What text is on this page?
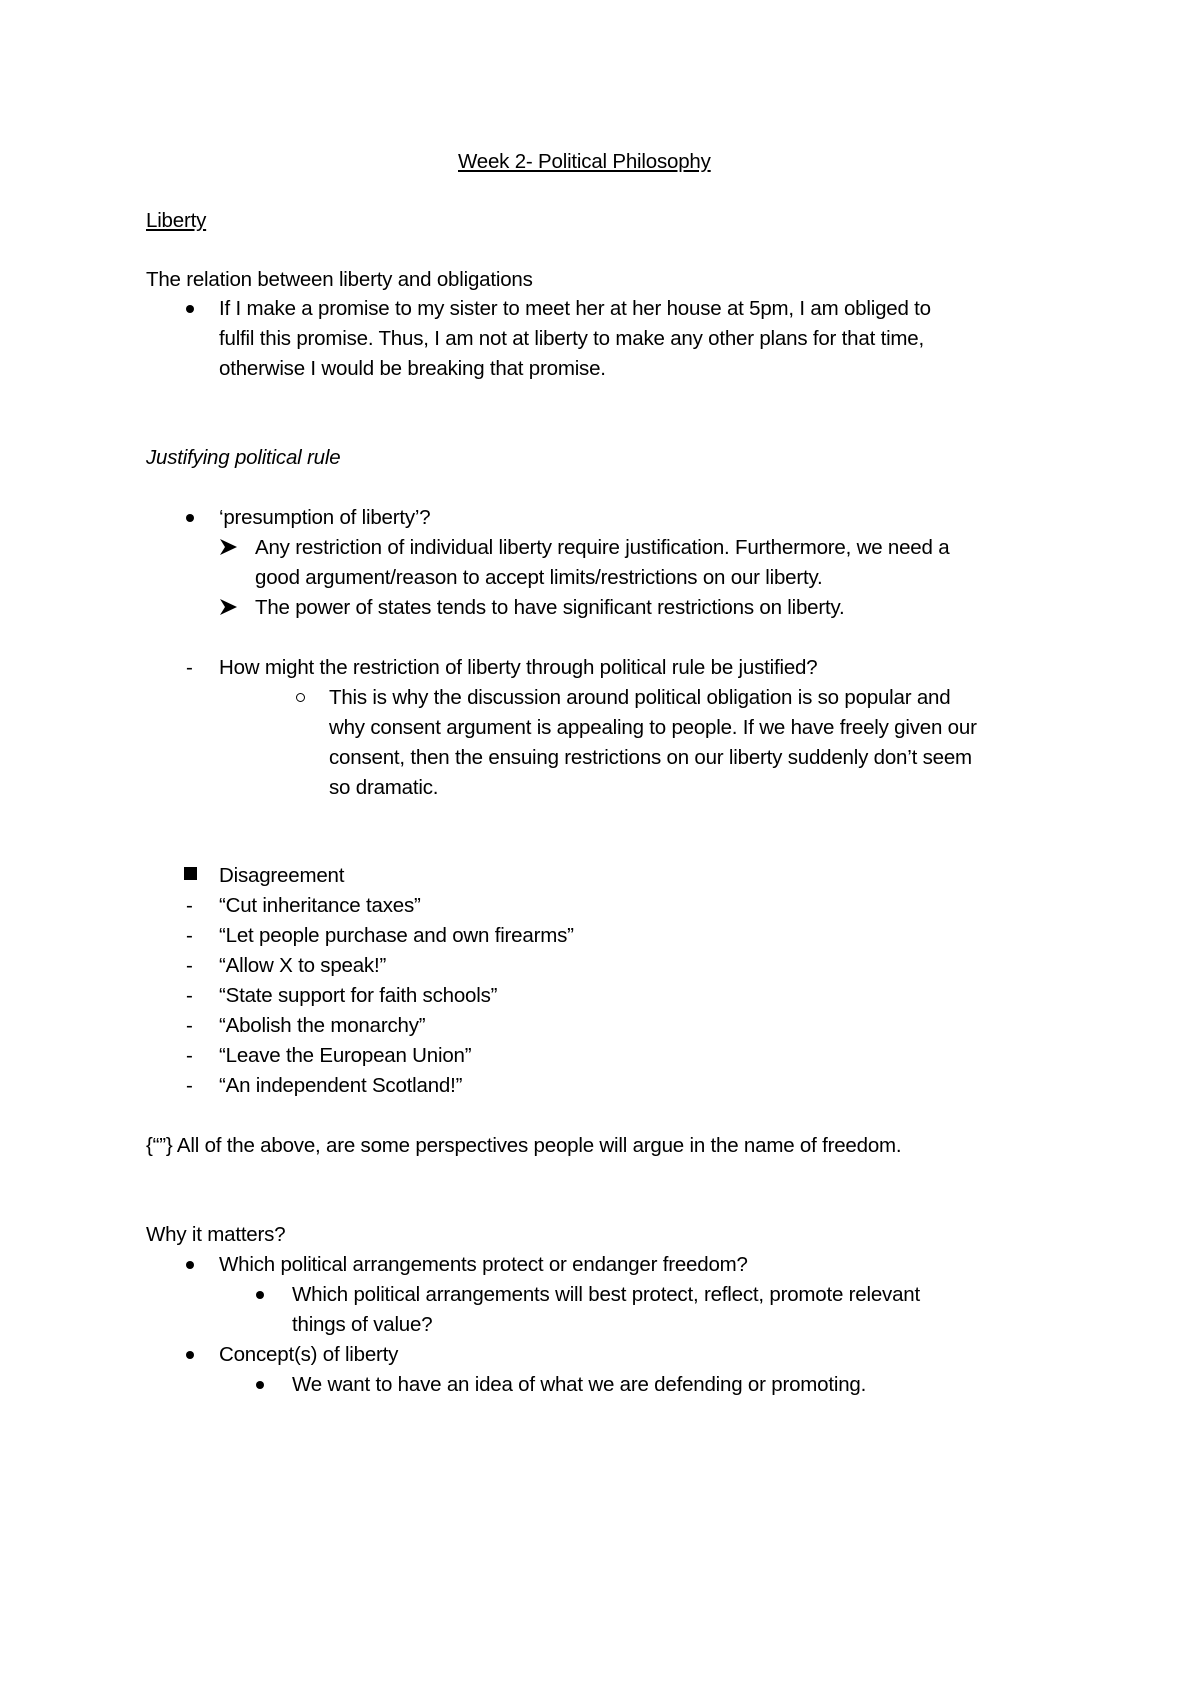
Week 2- Political Philosophy
Liberty
The relation between liberty and obligations
If I make a promise to my sister to meet her at her house at 5pm, I am obliged to
fulfil this promise. Thus, I am not at liberty to make any other plans for that time,
otherwise I would be breaking that promise.
Justifying political rule
‘presumption of liberty’?
Any restriction of individual liberty require justification. Furthermore, we need a
good argument/reason to accept limits/restrictions on our liberty.
The power of states tends to have significant restrictions on liberty.
- How might the restriction of liberty through political rule be justified?
This is why the discussion around political obligation is so popular and
why consent argument is appealing to people. If we have freely given our
consent, then the ensuing restrictions on our liberty suddenly don’t seem
so dramatic.
Disagreement
- “Cut inheritance taxes”
- “Let people purchase and own firearms”
- “Allow X to speak!”
- “State support for faith schools”
- “Abolish the monarchy”
- “Leave the European Union”
- “An independent Scotland!”
{“”} All of the above, are some perspectives people will argue in the name of freedom.
Why it matters?
Which political arrangements protect or endanger freedom?
Which political arrangements will best protect, reflect, promote relevant
things of value?
Concept(s) of liberty
We want to have an idea of what we are defending or promoting.
